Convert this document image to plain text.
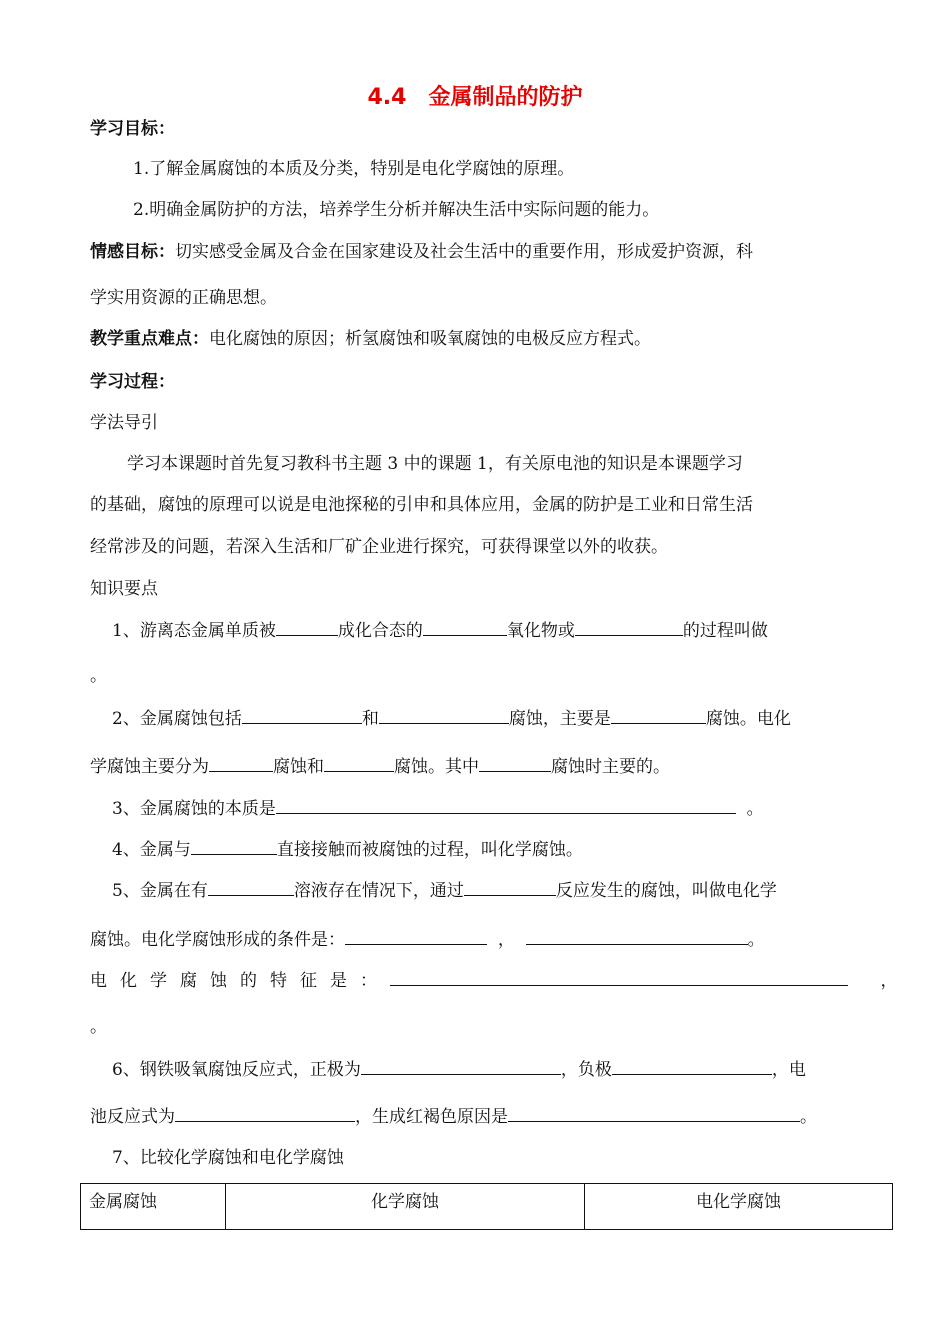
4.4　金属制品的防护
学习目标：
1.了解金属腐蚀的本质及分类，特别是电化学腐蚀的原理。
2.明确金属防护的方法，培养学生分析并解决生活中实际问题的能力。
情感目标：切实感受金属及合金在国家建设及社会生活中的重要作用，形成爱护资源，科
学实用资源的正确思想。
教学重点难点：电化腐蚀的原因；析氢腐蚀和吸氧腐蚀的电极反应方程式。
学习过程：
学法导引
学习本课题时首先复习教科书主题 3 中的课题 1，有关原电池的知识是本课题学习
的基础，腐蚀的原理可以说是电池探秘的引申和具体应用，金属的防护是工业和日常生活
经常涉及的问题，若深入生活和厂矿企业进行探究，可获得课堂以外的收获。
知识要点
1、游离态金属单质被	成化合态的	氧化物或	的过程叫做
。
2、金属腐蚀包括	和	腐蚀，主要是	腐蚀。电化
学腐蚀主要分为	腐蚀和	腐蚀。其中	腐蚀时主要的。
3、金属腐蚀的本质是	。
4、金属与	直接接触而被腐蚀的过程，叫化学腐蚀。
5、金属在有	溶液存在情况下，通过	反应发生的腐蚀，叫做电化学
腐蚀。电化学腐蚀形成的条件是：	，	。
电化学腐蚀的特征是：	，
。
6、钢铁吸氧腐蚀反应式，正极为	，负极	，电
池反应式为	，生成红褐色原因是	。
7、比较化学腐蚀和电化学腐蚀
金属腐蚀	化学腐蚀	电化学腐蚀
